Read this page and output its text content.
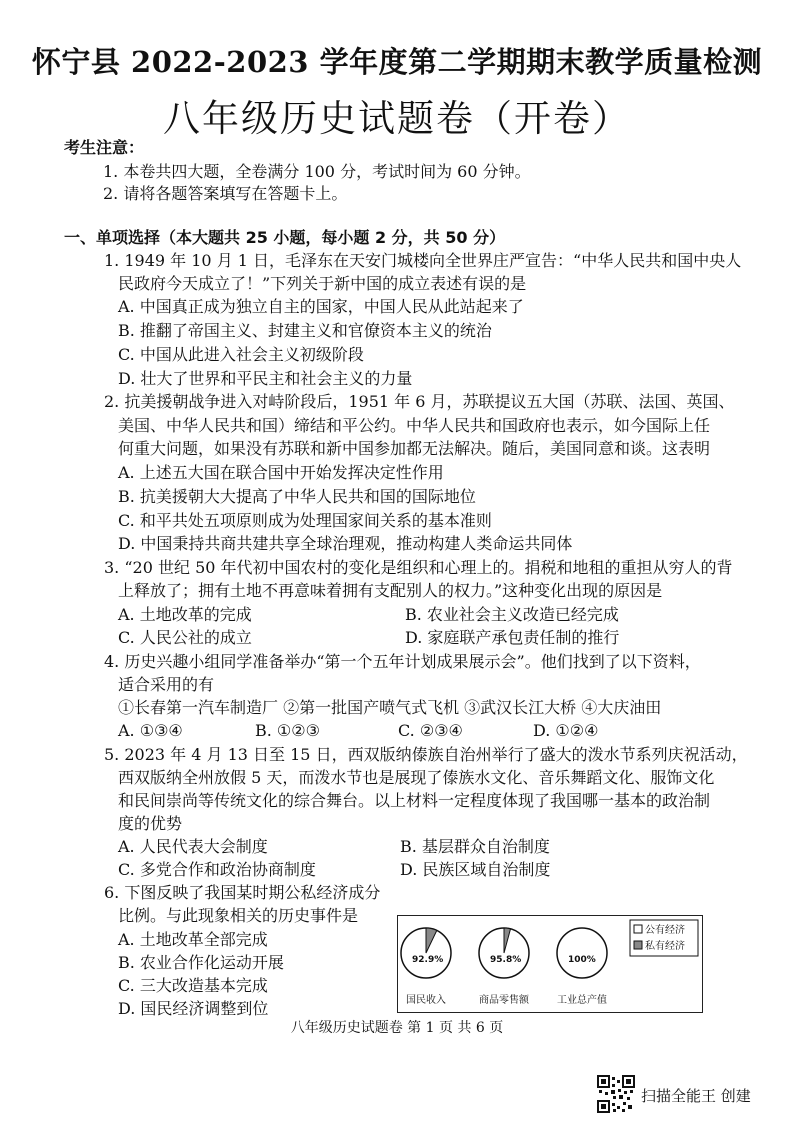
怀宁县 2022-2023 学年度第二学期期末教学质量检测
八年级历史试题卷（开卷）
考生注意：
1. 本卷共四大题，全卷满分 100 分，考试时间为 60 分钟。
2. 请将各题答案填写在答题卡上。
一、单项选择（本大题共 25 小题，每小题 2 分，共 50 分）
1. 1949 年 10 月 1 日，毛泽东在天安门城楼向全世界庄严宣告：“中华人民共和国中央人
民政府今天成立了！”下列关于新中国的成立表述有误的是
A. 中国真正成为独立自主的国家，中国人民从此站起来了
B. 推翻了帝国主义、封建主义和官僚资本主义的统治
C. 中国从此进入社会主义初级阶段
D. 壮大了世界和平民主和社会主义的力量
2. 抗美援朝战争进入对峙阶段后，1951 年 6 月，苏联提议五大国（苏联、法国、英国、
美国、中华人民共和国）缔结和平公约。中华人民共和国政府也表示，如今国际上任
何重大问题，如果没有苏联和新中国参加都无法解决。随后，美国同意和谈。这表明
A. 上述五大国在联合国中开始发挥决定性作用
B. 抗美援朝大大提高了中华人民共和国的国际地位
C. 和平共处五项原则成为处理国家间关系的基本准则
D. 中国秉持共商共建共享全球治理观，推动构建人类命运共同体
3. “20 世纪 50 年代初中国农村的变化是组织和心理上的。捐税和地租的重担从穷人的背
上释放了；拥有土地不再意味着拥有支配别人的权力。”这种变化出现的原因是
A. 土地改革的完成	B. 农业社会主义改造已经完成
C. 人民公社的成立	D. 家庭联产承包责任制的推行
4. 历史兴趣小组同学准备举办“第一个五年计划成果展示会”。他们找到了以下资料，
适合采用的有
①长春第一汽车制造厂 ②第一批国产喷气式飞机 ③武汉长江大桥 ④大庆油田
A. ①③④	B. ①②③	C. ②③④	D. ①②④
5. 2023 年 4 月 13 日至 15 日，西双版纳傣族自治州举行了盛大的泼水节系列庆祝活动，
西双版纳全州放假 5 天，而泼水节也是展现了傣族水文化、音乐舞蹈文化、服饰文化
和民间崇尚等传统文化的综合舞台。以上材料一定程度体现了我国哪一基本的政治制
度的优势
A. 人民代表大会制度	B. 基层群众自治制度
C. 多党合作和政治协商制度	D. 民族区域自治制度
6. 下图反映了我国某时期公私经济成分
比例。与此现象相关的历史事件是
A. 土地改革全部完成
B. 农业合作化运动开展
C. 三大改造基本完成
D. 国民经济调整到位
92.9%
国民收入
95.8%
商品零售额
100%
工业总产值
公有经济
私有经济
八年级历史试题卷 第 1 页 共 6 页
扫描全能王 创建
